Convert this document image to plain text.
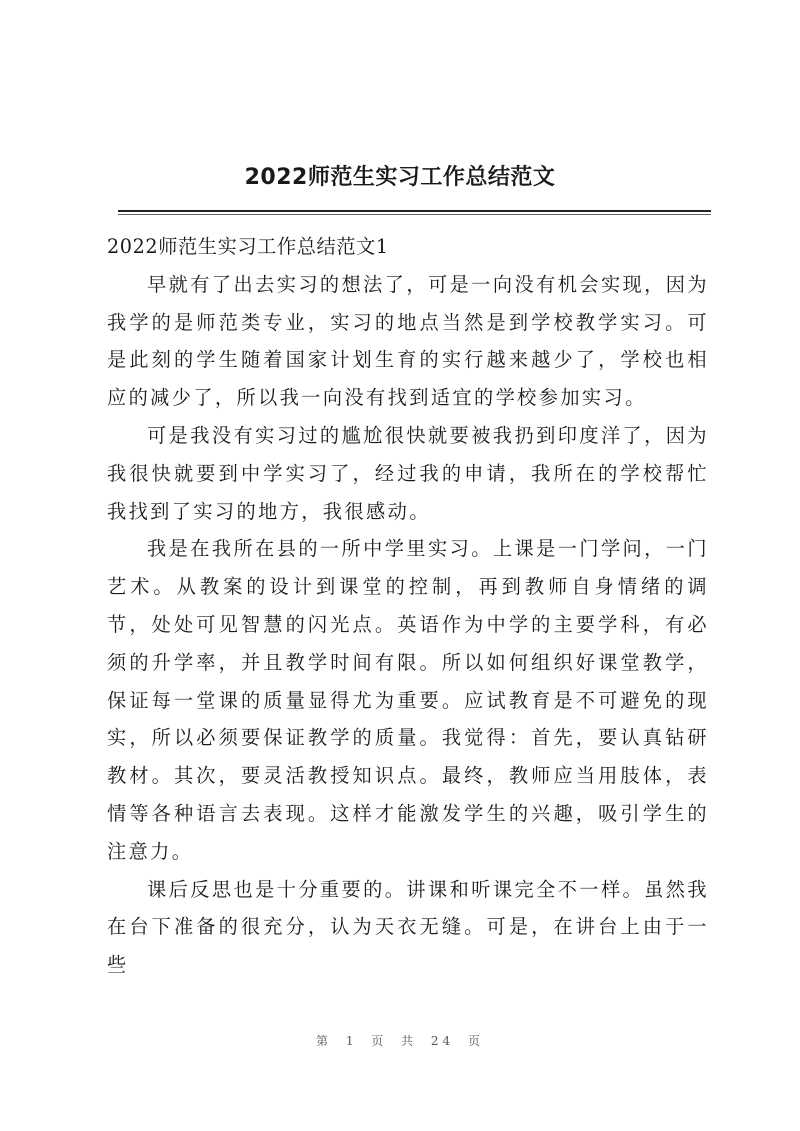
2022师范生实习工作总结范文

2022师范生实习工作总结范文1

早就有了出去实习的想法了，可是一向没有机会实现，因为我学的是师范类专业，实习的地点当然是到学校教学实习。可是此刻的学生随着国家计划生育的实行越来越少了，学校也相应的减少了，所以我一向没有找到适宜的学校参加实习。

可是我没有实习过的尴尬很快就要被我扔到印度洋了，因为我很快就要到中学实习了，经过我的申请，我所在的学校帮忙我找到了实习的地方，我很感动。

我是在我所在县的一所中学里实习。上课是一门学问，一门艺术。从教案的设计到课堂的控制，再到教师自身情绪的调节，处处可见智慧的闪光点。英语作为中学的主要学科，有必须的升学率，并且教学时间有限。所以如何组织好课堂教学，保证每一堂课的质量显得尤为重要。应试教育是不可避免的现实，所以必须要保证教学的质量。我觉得：首先，要认真钻研教材。其次，要灵活教授知识点。最终，教师应当用肢体，表情等各种语言去表现。这样才能激发学生的兴趣，吸引学生的注意力。

课后反思也是十分重要的。讲课和听课完全不一样。虽然我在台下准备的很充分，认为天衣无缝。可是，在讲台上由于一些

第 1 页 共 24 页
